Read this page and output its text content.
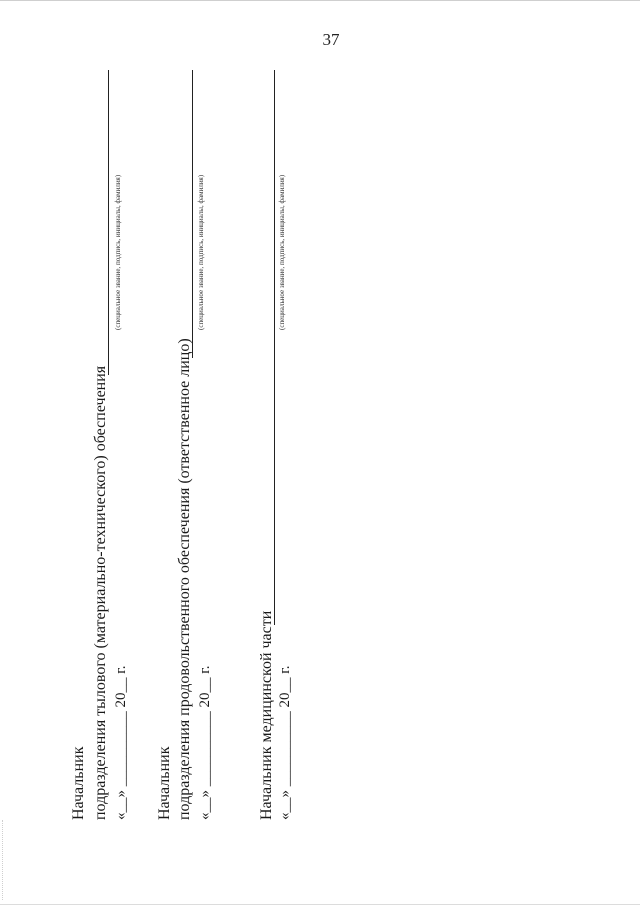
37
Начальник подразделения тылового (материально-технического) обеспечения «__» __________ 20__ г.
(специальное звание, подпись, инициалы, фамилия)
Начальник подразделения продовольственного обеспечения (ответственное лицо) «__» __________ 20__ г.
(специальное звание, подпись, инициалы, фамилия)
Начальник медицинской части «__» __________ 20__ г.
(специальное звание, подпись, инициалы, фамилия)
